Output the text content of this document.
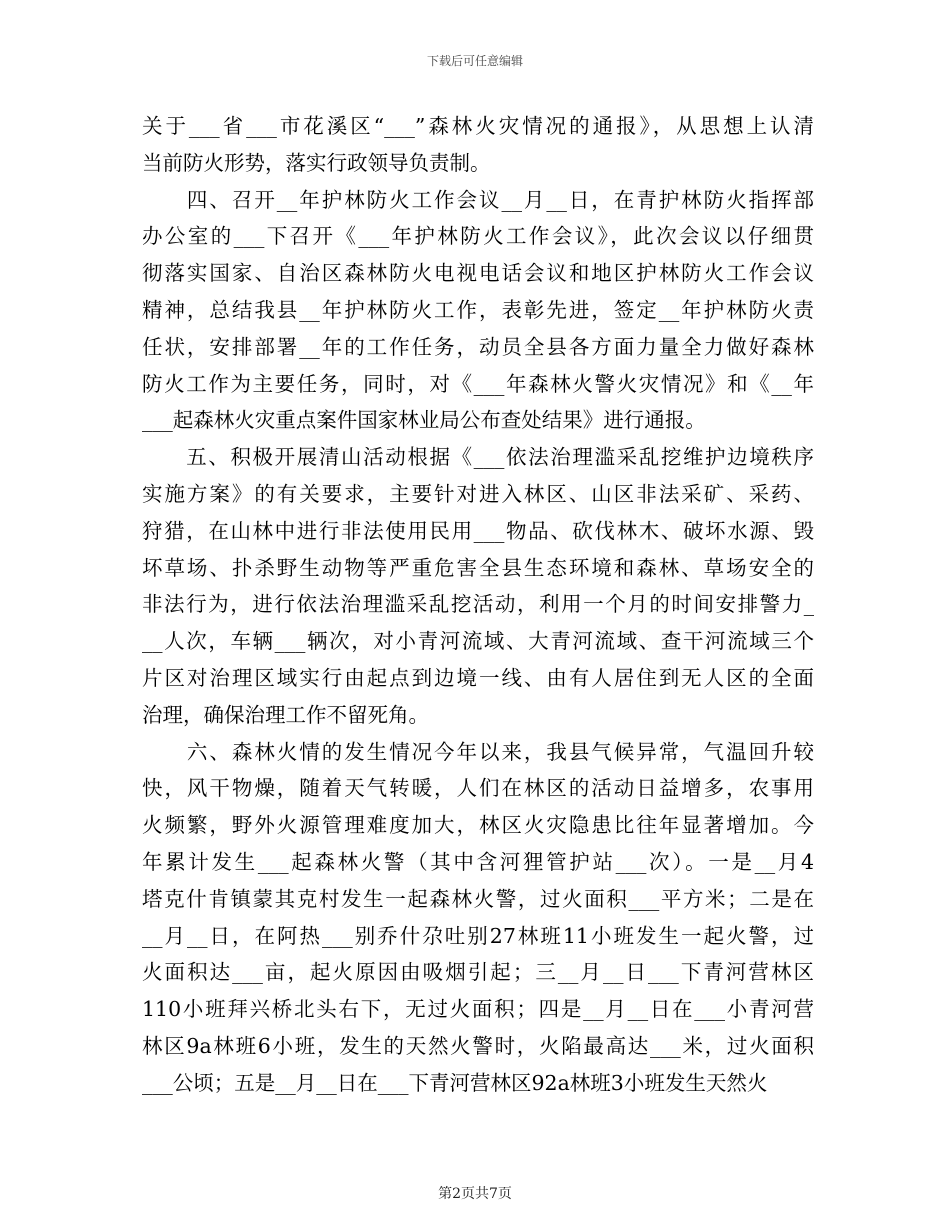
下载后可任意编辑
关于___省___市花溪区“___”森林火灾情况的通报》，从思想上认清
当前防火形势，落实行政领导负责制。
　　四、召开__年护林防火工作会议__月__日，在青护林防火指挥部
办公室的___下召开《___年护林防火工作会议》，此次会议以仔细贯
彻落实国家、自治区森林防火电视电话会议和地区护林防火工作会议
精神，总结我县__年护林防火工作，表彰先进，签定__年护林防火责
任状，安排部署__年的工作任务，动员全县各方面力量全力做好森林
防火工作为主要任务，同时，对《___年森林火警火灾情况》和《__年
___起森林火灾重点案件国家林业局公布查处结果》进行通报。
　　五、积极开展清山活动根据《___依法治理滥采乱挖维护边境秩序
实施方案》的有关要求，主要针对进入林区、山区非法采矿、采药、
狩猎，在山林中进行非法使用民用___物品、砍伐林木、破坏水源、毁
坏草场、扑杀野生动物等严重危害全县生态环境和森林、草场安全的
非法行为，进行依法治理滥采乱挖活动，利用一个月的时间安排警力_
__人次，车辆___辆次，对小青河流域、大青河流域、查干河流域三个
片区对治理区域实行由起点到边境一线、由有人居住到无人区的全面
治理，确保治理工作不留死角。
　　六、森林火情的发生情况今年以来，我县气候异常，气温回升较
快，风干物燥，随着天气转暖，人们在林区的活动日益增多，农事用
火频繁，野外火源管理难度加大，林区火灾隐患比往年显著增加。今
年累计发生___起森林火警（其中含河狸管护站___次）。一是__月4
塔克什肯镇蒙其克村发生一起森林火警，过火面积___平方米；二是在
__月__日，在阿热___别乔什尕吐别27林班11小班发生一起火警，过
火面积达___亩，起火原因由吸烟引起；三__月__日___下青河营林区
110小班拜兴桥北头右下，无过火面积；四是__月__日在___小青河营
林区9a林班6小班，发生的天然火警时，火陷最高达___米，过火面积
___公顷；五是__月__日在___下青河营林区92a林班3小班发生天然火
第2页共7页
